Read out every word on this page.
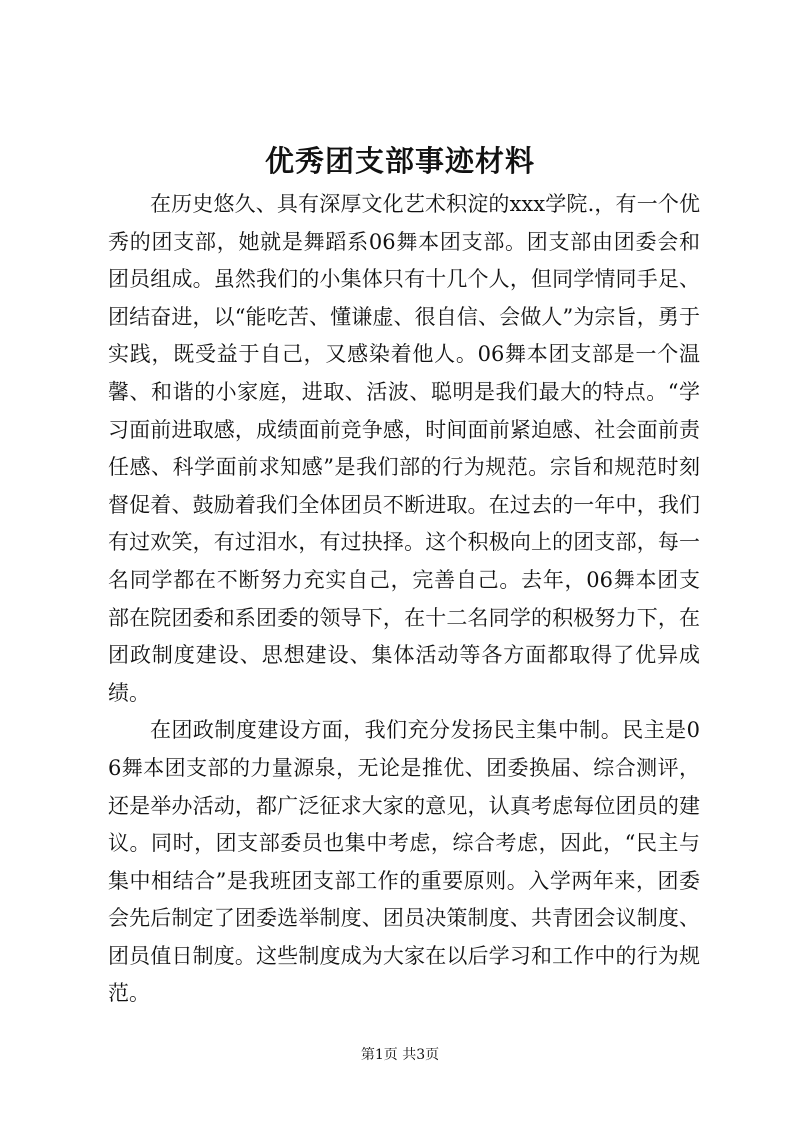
优秀团支部事迹材料

在历史悠久、具有深厚文化艺术积淀的xxx学院.，有一个优秀的团支部，她就是舞蹈系06舞本团支部。团支部由团委会和团员组成。虽然我们的小集体只有十几个人，但同学情同手足、团结奋进，以“能吃苦、懂谦虚、很自信、会做人”为宗旨，勇于实践，既受益于自己，又感染着他人。06舞本团支部是一个温馨、和谐的小家庭，进取、活波、聪明是我们最大的特点。“学习面前进取感，成绩面前竞争感，时间面前紧迫感、社会面前责任感、科学面前求知感”是我们部的行为规范。宗旨和规范时刻督促着、鼓励着我们全体团员不断进取。在过去的一年中，我们有过欢笑，有过泪水，有过抉择。这个积极向上的团支部，每一名同学都在不断努力充实自己，完善自己。去年，06舞本团支部在院团委和系团委的领导下，在十二名同学的积极努力下，在团政制度建设、思想建设、集体活动等各方面都取得了优异成绩。

在团政制度建设方面，我们充分发扬民主集中制。民主是06舞本团支部的力量源泉，无论是推优、团委换届、综合测评，还是举办活动，都广泛征求大家的意见，认真考虑每位团员的建议。同时，团支部委员也集中考虑，综合考虑，因此，“民主与集中相结合”是我班团支部工作的重要原则。入学两年来，团委会先后制定了团委选举制度、团员决策制度、共青团会议制度、团员值日制度。这些制度成为大家在以后学习和工作中的行为规范。

第1页 共3页
